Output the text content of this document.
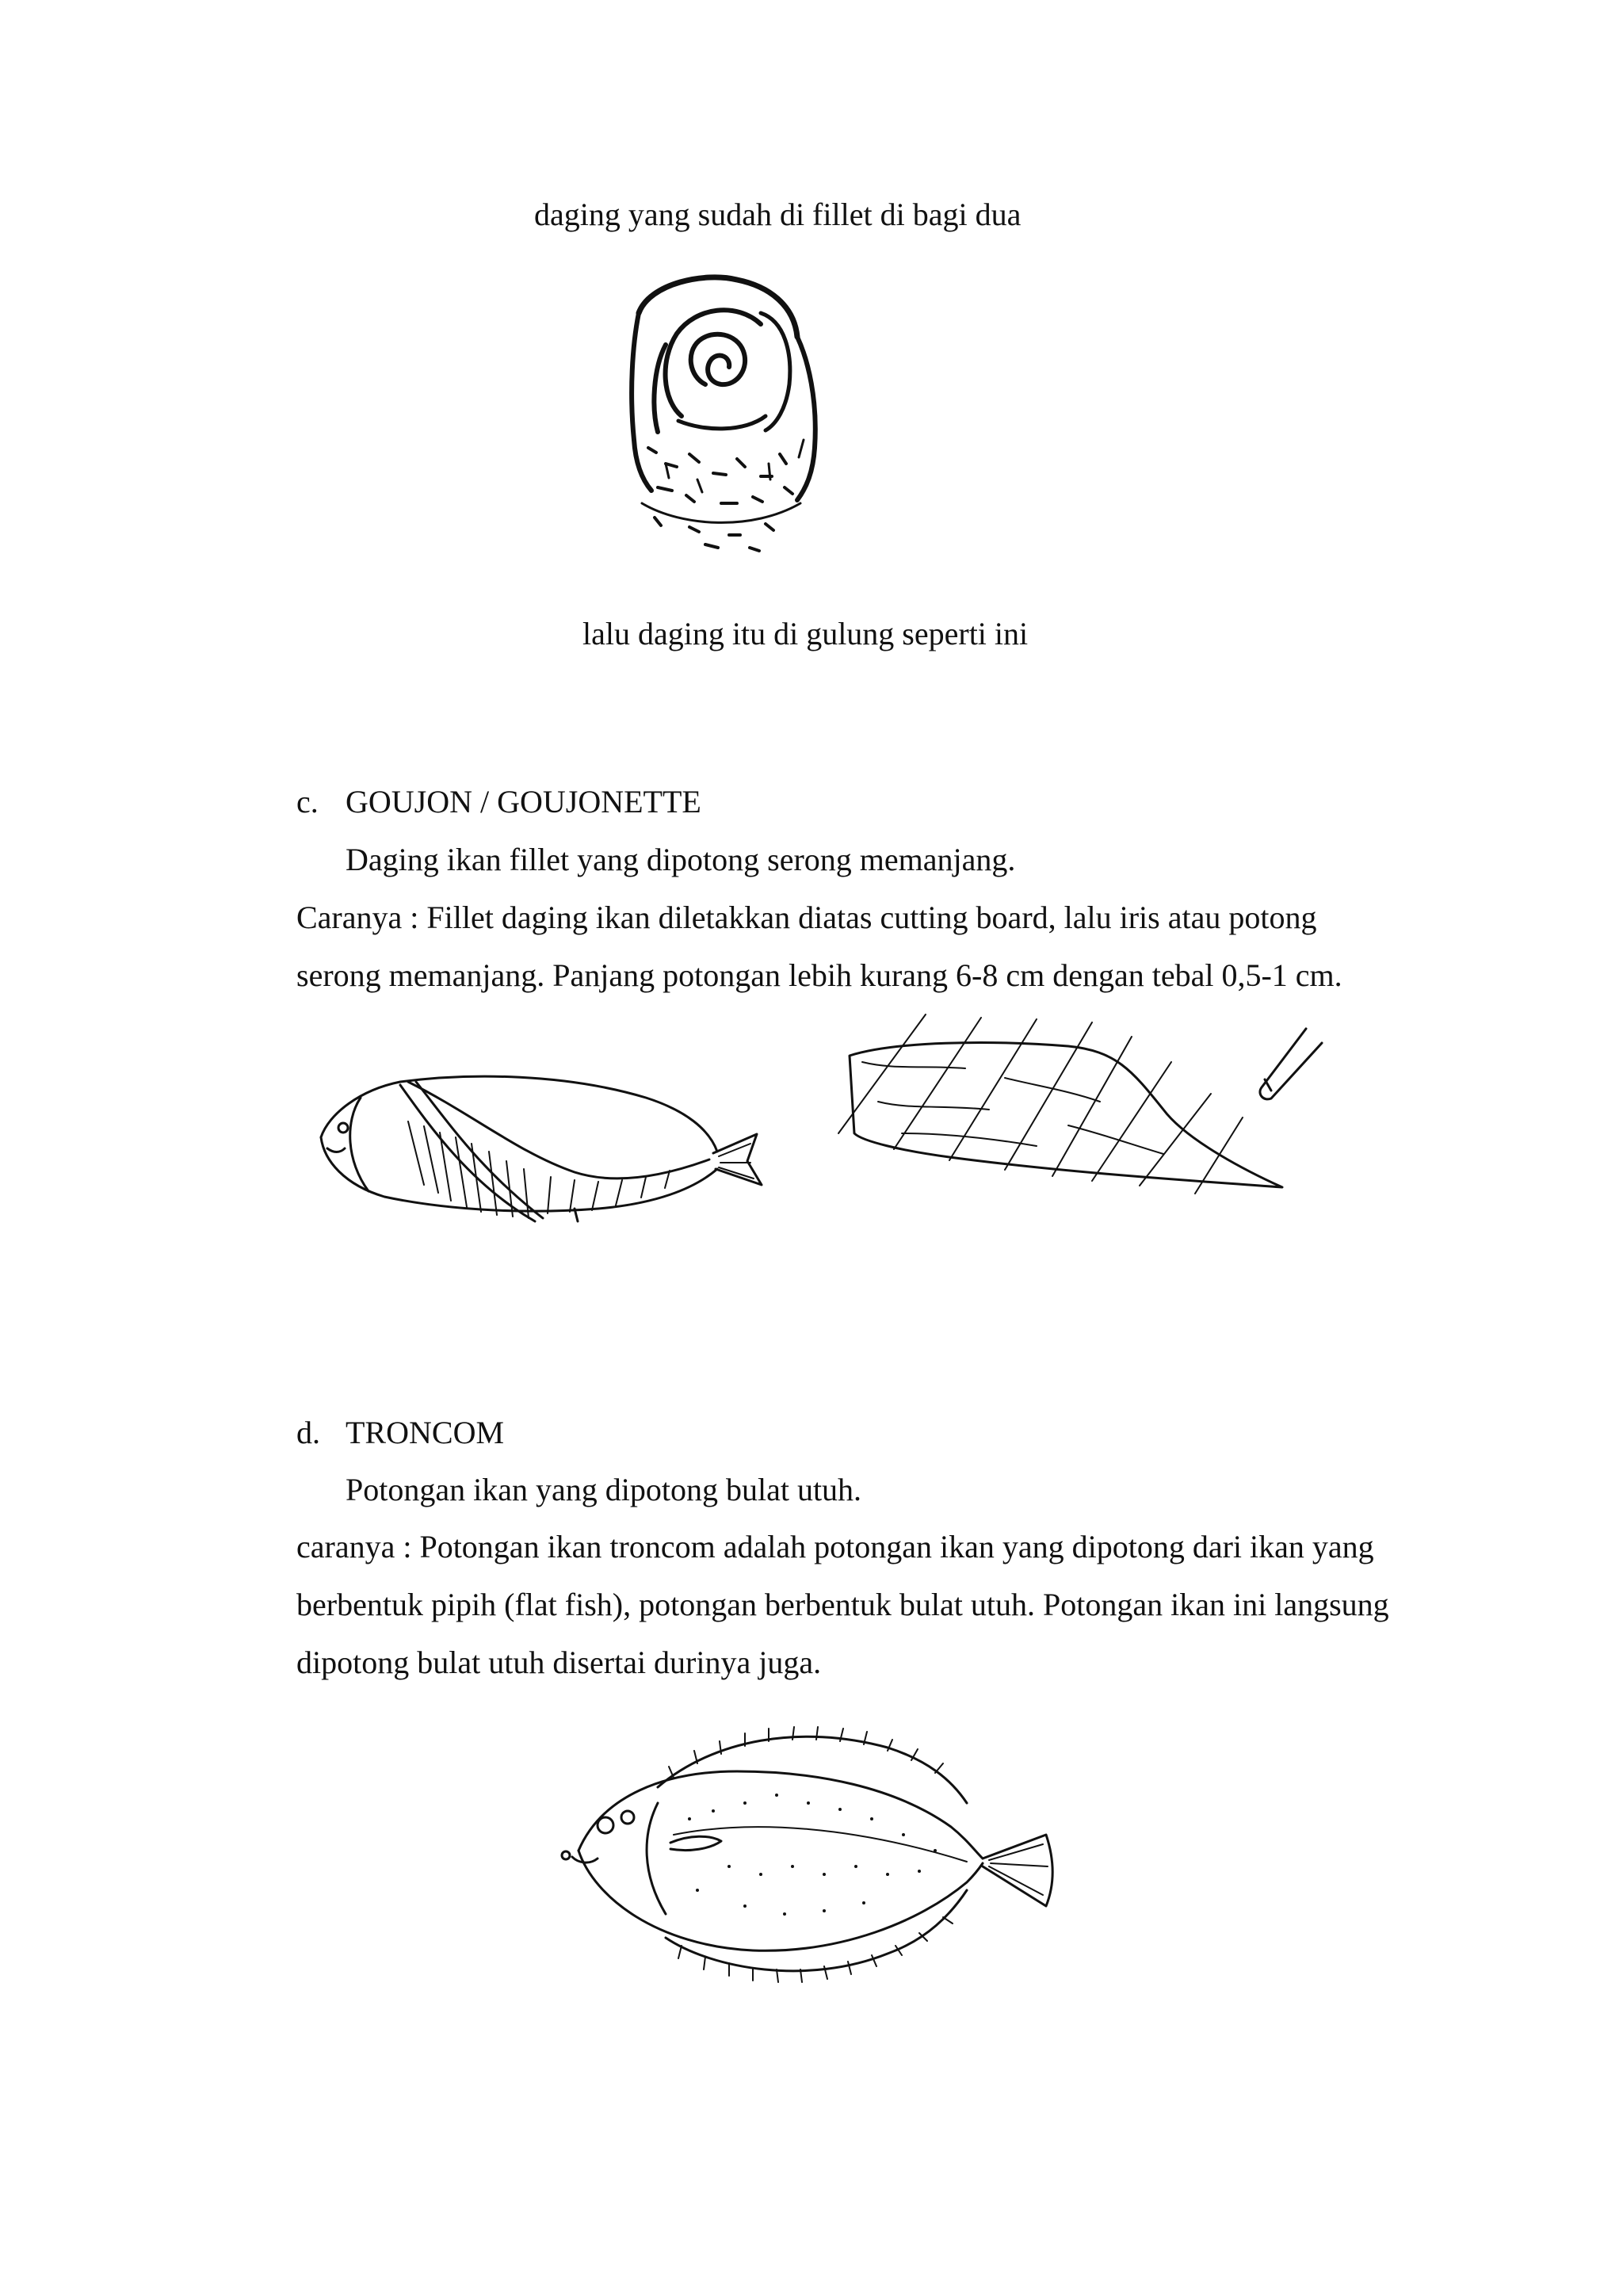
daging yang sudah di fillet di bagi dua
lalu daging itu di gulung seperti ini
c. GOUJON / GOUJONETTE
Daging ikan fillet yang dipotong serong memanjang.
Caranya : Fillet daging ikan diletakkan diatas cutting board, lalu iris atau potong
serong memanjang. Panjang potongan lebih kurang 6-8 cm dengan tebal 0,5-1 cm.
d. TRONCOM
Potongan ikan yang dipotong bulat utuh.
caranya : Potongan ikan troncom adalah potongan ikan yang dipotong dari ikan yang
berbentuk pipih (flat fish), potongan berbentuk bulat utuh. Potongan ikan ini langsung
dipotong bulat utuh disertai durinya juga.
